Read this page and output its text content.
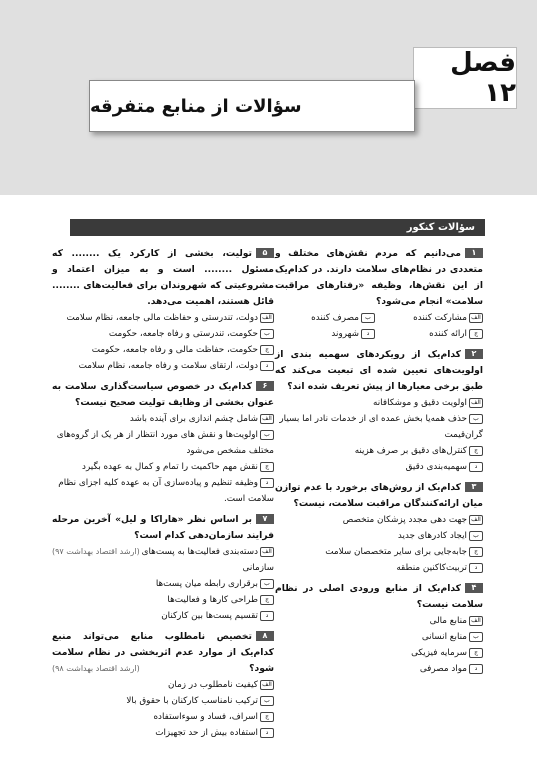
فصل ۱۲
سؤالات از منابع متفرقه
سؤالات کنکور
۱می‌دانیم که مردم نقش‌های مختلف و متعددی در نظام‌های سلامت دارند. در کدام‌یک از این نقش‌ها، وظیفه «رفتارهای مراقبت سلامت» انجام می‌شود؟
الفمشارکت کننده
بمصرف کننده
جارائه کننده
دشهروند
۲کدام‌یک از رویکردهای سهمیه بندی از اولویت‌های تعیین شده ای تبعیت می‌کند که طبق برخی معیارها از پیش تعریف شده اند؟
الفاولویت دقیق و موشکافانه
بحذف همه‌یا بخش عمده ای از خدمات نادر اما بسیار گران‌قیمت
جکنترل‌های دقیق بر صرف هزینه
دسهمیه‌بندی دقیق
۳کدام‌یک از روش‌های برخورد با عدم توازن میان ارائه‌کنندگان مراقبت سلامت، نیست؟
الفجهت دهی مجدد پزشکان متخصص
بایجاد کادرهای جدید
ججابه‌جایی برای سایر متخصصان سلامت
دتربیت‌کاکنین منطقه
۴کدام‌یک از منابع ورودی اصلی در نظام سلامت نیست؟
الفمنابع مالی
بمنابع انسانی
جسرمایه فیزیکی
دمواد مصرفی
۵تولیت، بخشی از کارکرد یک ........ که مسئول ........ است و به میزان اعتماد و مشروعیتی که شهروندان برای فعالیت‌های ........ قائل هستند، اهمیت می‌دهد.
الفدولت، تندرستی و حفاظت مالی جامعه، نظام سلامت
بحکومت، تندرستی و رفاه جامعه، حکومت
جحکومت، حفاظت مالی و رفاه جامعه، حکومت
ددولت، ارتقای سلامت و رفاه جامعه، نظام سلامت
۶کدام‌یک در خصوص سیاست‌گذاری سلامت به عنوان بخشی از وظایف تولیت صحیح نیست؟
الفشامل چشم اندازی برای آینده باشد
باولویت‌ها و نقش های مورد انتظار از هر یک از گروه‌های مختلف مشخص می‌شود
جنقش مهم حاکمیت را تمام و کمال به عهده بگیرد
دوظیفه تنظیم و پیاده‌سازی آن به عهده کلیه اجزای نظام سلامت است.
۷بر اساس نظر «هاراکا و لیل» آخرین مرحله فرایند سازمان‌دهی کدام است؟
(ارشد اقتصاد بهداشت ۹۷)	الفدسته‌بندی فعالیت‌ها به پست‌های سازمانی
ببرقراری رابطه میان پست‌ها
جطراحی کارها و فعالیت‌ها
دتقسیم پست‌ها بین کارکنان
۸تخصیص نامطلوب منابع می‌تواند منبع کدام‌یک از موارد عدم اثربخشی در نظام سلامت شود؟
(ارشد اقتصاد بهداشت ۹۸)
الفکیفیت نامطلوب در زمان
بترکیب نامناسب کارکنان با حقوق بالا
جاسراف، فساد و سوءاستفاده
داستفاده بیش از حد تجهیزات
